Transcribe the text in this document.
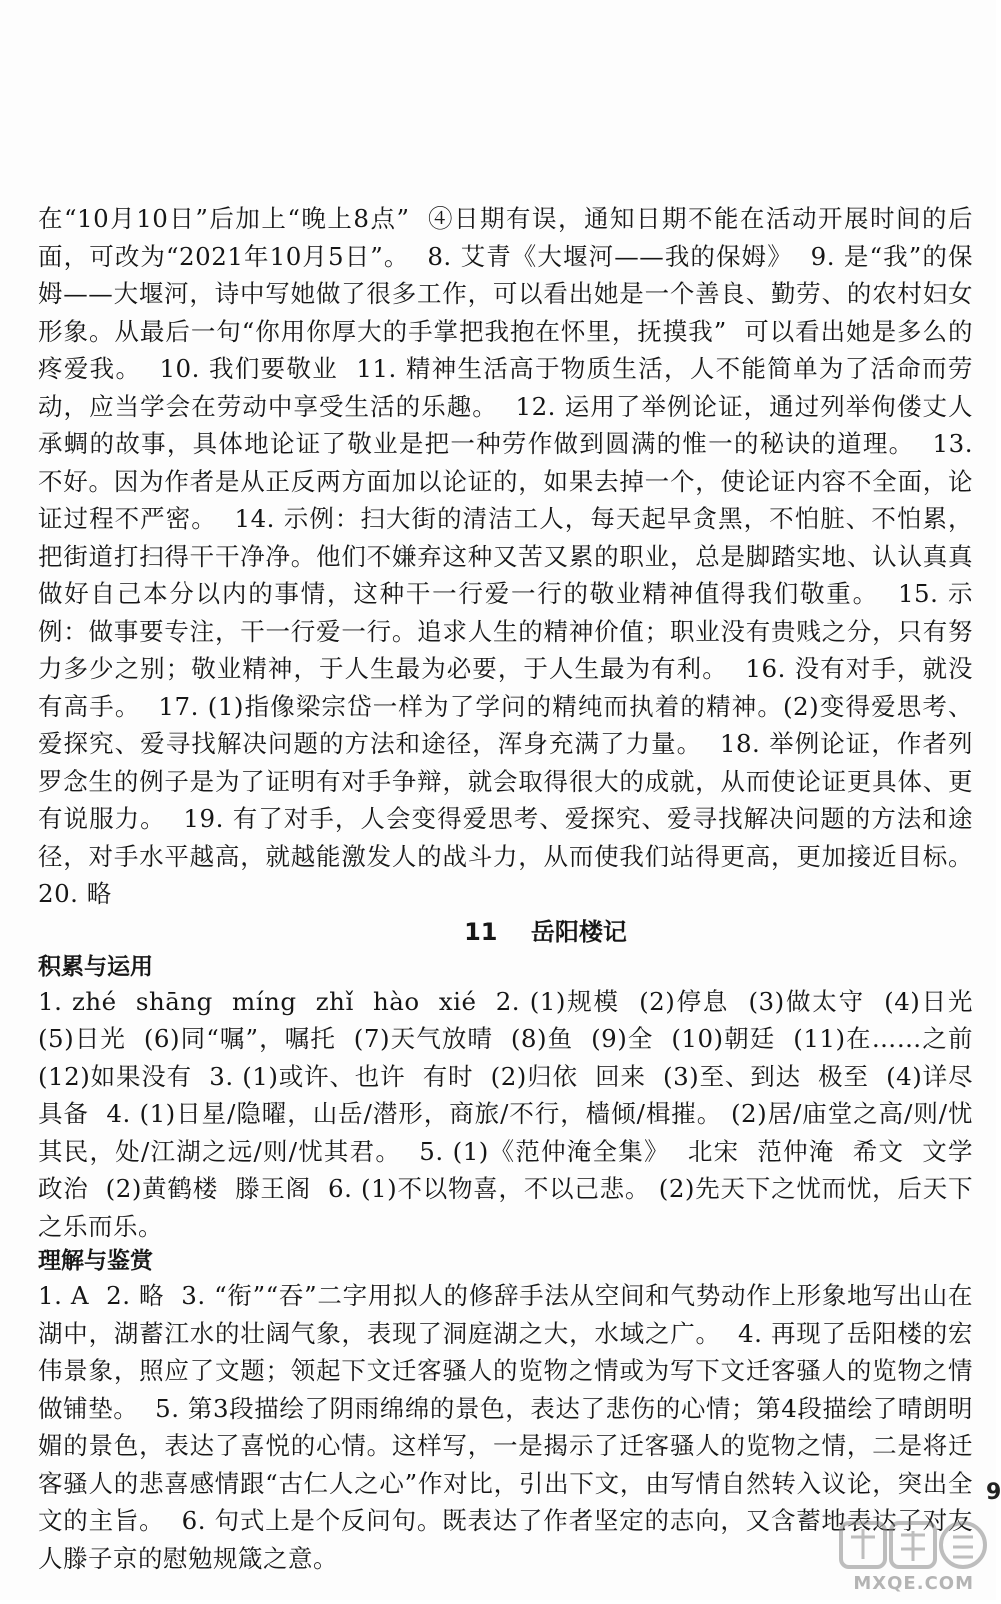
在“10月10日”后加上“晚上8点”  ④日期有误，通知日期不能在活动开展时间的后面，可改为“2021年10月5日”。  8. 艾青《大堰河——我的保姆》  9. 是“我”的保姆——大堰河，诗中写她做了很多工作，可以看出她是一个善良、勤劳、的农村妇女形象。从最后一句“你用你厚大的手掌把我抱在怀里，抚摸我”  可以看出她是多么的疼爱我。  10. 我们要敬业  11. 精神生活高于物质生活，人不能简单为了活命而劳动，应当学会在劳动中享受生活的乐趣。  12. 运用了举例论证，通过列举佝偻丈人承蜩的故事，具体地论证了敬业是把一种劳作做到圆满的惟一的秘诀的道理。  13. 不好。因为作者是从正反两方面加以论证的，如果去掉一个，使论证内容不全面，论证过程不严密。  14. 示例：扫大街的清洁工人，每天起早贪黑，不怕脏、不怕累，把街道打扫得干干净净。他们不嫌弃这种又苦又累的职业，总是脚踏实地、认认真真做好自己本分以内的事情，这种干一行爱一行的敬业精神值得我们敬重。  15. 示例：做事要专注，干一行爱一行。追求人生的精神价值；职业没有贵贱之分，只有努力多少之别；敬业精神，于人生最为必要，于人生最为有利。  16. 没有对手，就没有高手。  17. (1)指像梁宗岱一样为了学问的精纯而执着的精神。(2)变得爱思考、爱探究、爱寻找解决问题的方法和途径，浑身充满了力量。  18. 举例论证，作者列罗念生的例子是为了证明有对手争辩，就会取得很大的成就，从而使论证更具体、更有说服力。  19. 有了对手，人会变得爱思考、爱探究、爱寻找解决问题的方法和途径，对手水平越高，就越能激发人的战斗力，从而使我们站得更高，更加接近目标。  20. 略

11    岳阳楼记

积累与运用

1. zhé  shāng  míng  zhǐ  hào  xié  2. (1)规模  (2)停息  (3)做太守  (4)日光  (5)日光  (6)同“嘱”，嘱托  (7)天气放晴  (8)鱼  (9)全  (10)朝廷  (11)在……之前  (12)如果没有  3. (1)或许、也许  有时  (2)归依  回来  (3)至、到达  极至  (4)详尽  具备  4. (1)日星/隐曜，山岳/潜形，商旅/不行，樯倾/楫摧。 (2)居/庙堂之高/则/忧其民，处/江湖之远/则/忧其君。  5. (1)《范仲淹全集》  北宋  范仲淹  希文  文学  政治  (2)黄鹤楼  滕王阁  6. (1)不以物喜，不以己悲。 (2)先天下之忧而忧，后天下之乐而乐。

理解与鉴赏

1. A  2. 略  3. “衔”“吞”二字用拟人的修辞手法从空间和气势动作上形象地写出山在湖中，湖蓄江水的壮阔气象，表现了洞庭湖之大，水域之广。  4. 再现了岳阳楼的宏伟景象，照应了文题；领起下文迁客骚人的览物之情或为写下文迁客骚人的览物之情做铺垫。  5. 第3段描绘了阴雨绵绵的景色，表达了悲伤的心情；第4段描绘了晴朗明媚的景色，表达了喜悦的心情。这样写，一是揭示了迁客骚人的览物之情，二是将迁客骚人的悲喜感情跟“古仁人之心”作对比，引出下文，由写情自然转入议论，突出全文的主旨。  6. 句式上是个反问句。既表达了作者坚定的志向，又含蓄地表达了对友人滕子京的慰勉规箴之意。

9
MXQE.COM
